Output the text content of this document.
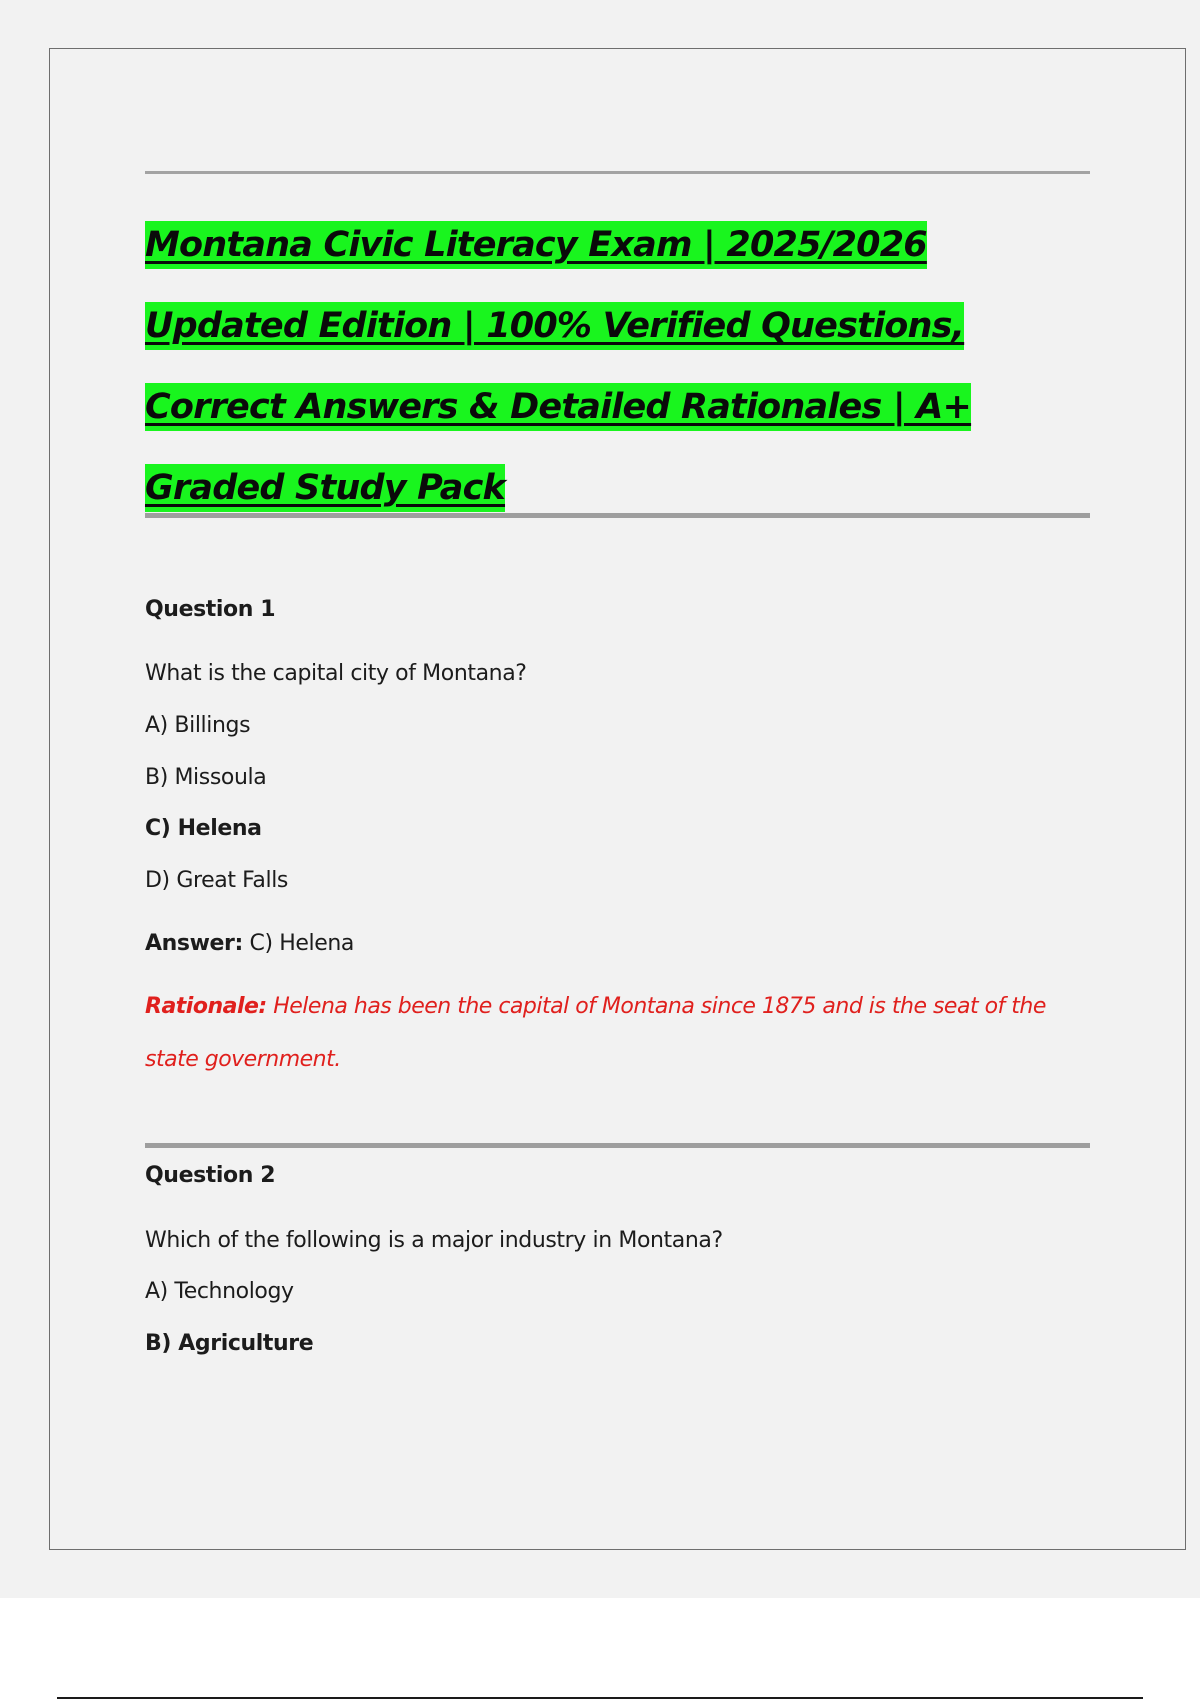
Montana Civic Literacy Exam | 2025/2026 Updated Edition | 100% Verified Questions, Correct Answers & Detailed Rationales | A+ Graded Study Pack
Question 1
What is the capital city of Montana?
A) Billings
B) Missoula
C) Helena
D) Great Falls
Answer: C) Helena
Rationale: Helena has been the capital of Montana since 1875 and is the seat of the state government.
Question 2
Which of the following is a major industry in Montana?
A) Technology
B) Agriculture
